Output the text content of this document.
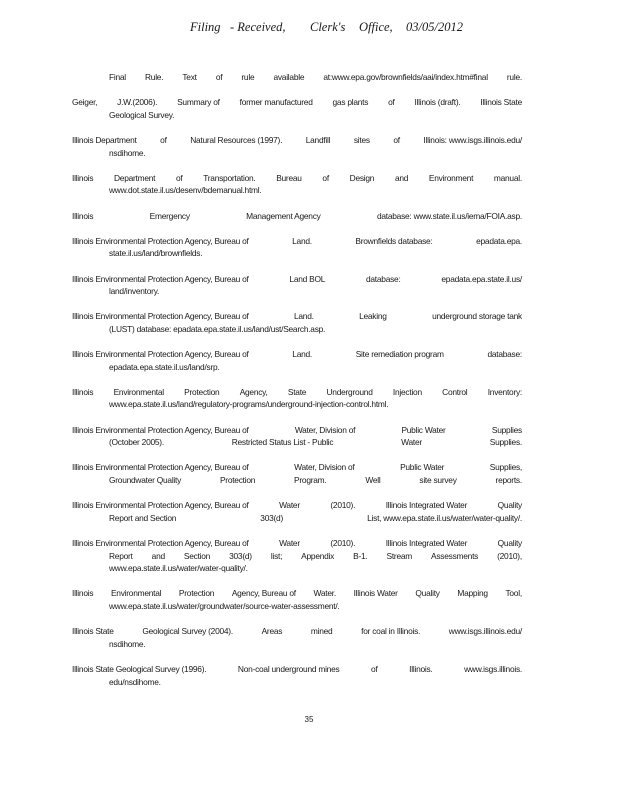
Filing - Received, Clerk's Office, 03/05/2012
Final Rule. Text of rule available at:www.epa.gov/brownfields/aai/index.htm#final rule.
Geiger, J.W.(2006). Summary of former manufactured gas plants of Illinois (draft). Illinois State
Geological Survey.
Illinois Department	of	Natural Resources (1997).	Landfill	sites	of	Illinois: www.isgs.illinois.edu/
nsdihome.
Illinois Department of Transportation. Bureau of Design and Environment manual.
www.dot.state.il.us/desenv/bdemanual.html.
Illinois	Emergency	Management Agency	database: www.state.il.us/iema/FOIA.asp.
Illinois Environmental Protection Agency, Bureau of	Land.	Brownfields database:	epadata.epa.
state.il.us/land/brownfields.
Illinois Environmental Protection Agency, Bureau of	Land BOL	database:	epadata.epa.state.il.us/
land/inventory.
Illinois Environmental Protection Agency, Bureau of	Land.	Leaking	underground storage tank
(LUST) database: epadata.epa.state.il.us/land/ust/Search.asp.
Illinois Environmental Protection Agency, Bureau of	Land.	Site remediation program	database:
epadata.epa.state.il.us/land/srp.
Illinois Environmental Protection Agency, State Underground Injection Control Inventory:
www.epa.state.il.us/land/regulatory-programs/underground-injection-control.html.
Illinois Environmental Protection Agency, Bureau of	Water, Division of	Public Water	Supplies
(October 2005).	Restricted Status List - Public	Water	Supplies.
Illinois Environmental Protection Agency, Bureau of	Water, Division of	Public Water	Supplies,
Groundwater Quality	Protection	Program.	Well	site survey	reports.
Illinois Environmental Protection Agency, Bureau of	Water	(2010).	Illinois Integrated Water	Quality
Report and Section	303(d)	List, www.epa.state.il.us/water/water-quality/.
Illinois Environmental Protection Agency, Bureau of	Water	(2010).	Illinois Integrated Water	Quality
Report and Section 303(d) list; Appendix B-1. Stream Assessments (2010),
www.epa.state.il.us/water/water-quality/.
Illinois Environmental Protection Agency, Bureau of Water. Illinois Water Quality Mapping Tool,
www.epa.state.il.us/water/groundwater/source-water-assessment/.
Illinois State	Geological Survey (2004).	Areas	mined	for coal in Illinois.	www.isgs.illinois.edu/
nsdihome.
Illinois State Geological Survey (1996).	Non-coal underground mines	of	Illinois.	www.isgs.illinois.
edu/nsdihome.
35
